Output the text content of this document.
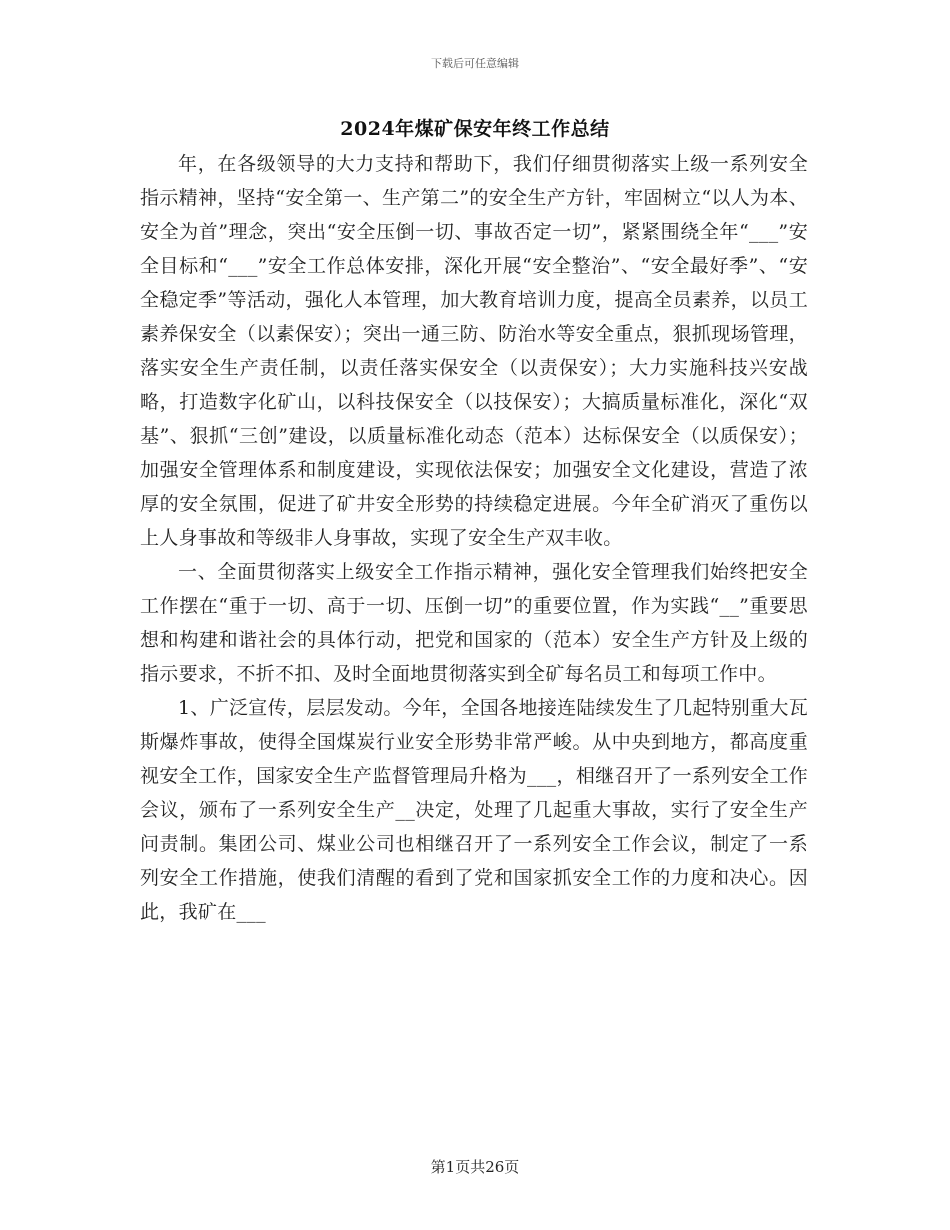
下载后可任意编辑
2024年煤矿保安年终工作总结

年，在各级领导的大力支持和帮助下，我们仔细贯彻落实上级一系列安全指示精神，坚持“安全第一、生产第二”的安全生产方针，牢固树立“以人为本、安全为首”理念，突出“安全压倒一切、事故否定一切”，紧紧围绕全年“___”安全目标和“___”安全工作总体安排，深化开展“安全整治”、“安全最好季”、“安全稳定季”等活动，强化人本管理，加大教育培训力度，提高全员素养，以员工素养保安全（以素保安）；突出一通三防、防治水等安全重点，狠抓现场管理，落实安全生产责任制，以责任落实保安全（以责保安）；大力实施科技兴安战略，打造数字化矿山，以科技保安全（以技保安）；大搞质量标准化，深化“双基”、狠抓“三创”建设，以质量标准化动态（范本）达标保安全（以质保安）；加强安全管理体系和制度建设，实现依法保安；加强安全文化建设，营造了浓厚的安全氛围，促进了矿井安全形势的持续稳定进展。今年全矿消灭了重伤以上人身事故和等级非人身事故，实现了安全生产双丰收。

一、全面贯彻落实上级安全工作指示精神，强化安全管理我们始终把安全工作摆在“重于一切、高于一切、压倒一切”的重要位置，作为实践“__”重要思想和构建和谐社会的具体行动，把党和国家的（范本）安全生产方针及上级的指示要求，不折不扣、及时全面地贯彻落实到全矿每名员工和每项工作中。

1、广泛宣传，层层发动。今年，全国各地接连陆续发生了几起特别重大瓦斯爆炸事故，使得全国煤炭行业安全形势非常严峻。从中央到地方，都高度重视安全工作，国家安全生产监督管理局升格为___，相继召开了一系列安全工作会议，颁布了一系列安全生产__决定，处理了几起重大事故，实行了安全生产问责制。集团公司、煤业公司也相继召开了一系列安全工作会议，制定了一系列安全工作措施，使我们清醒的看到了党和国家抓安全工作的力度和决心。因此，我矿在___

第1页共26页
